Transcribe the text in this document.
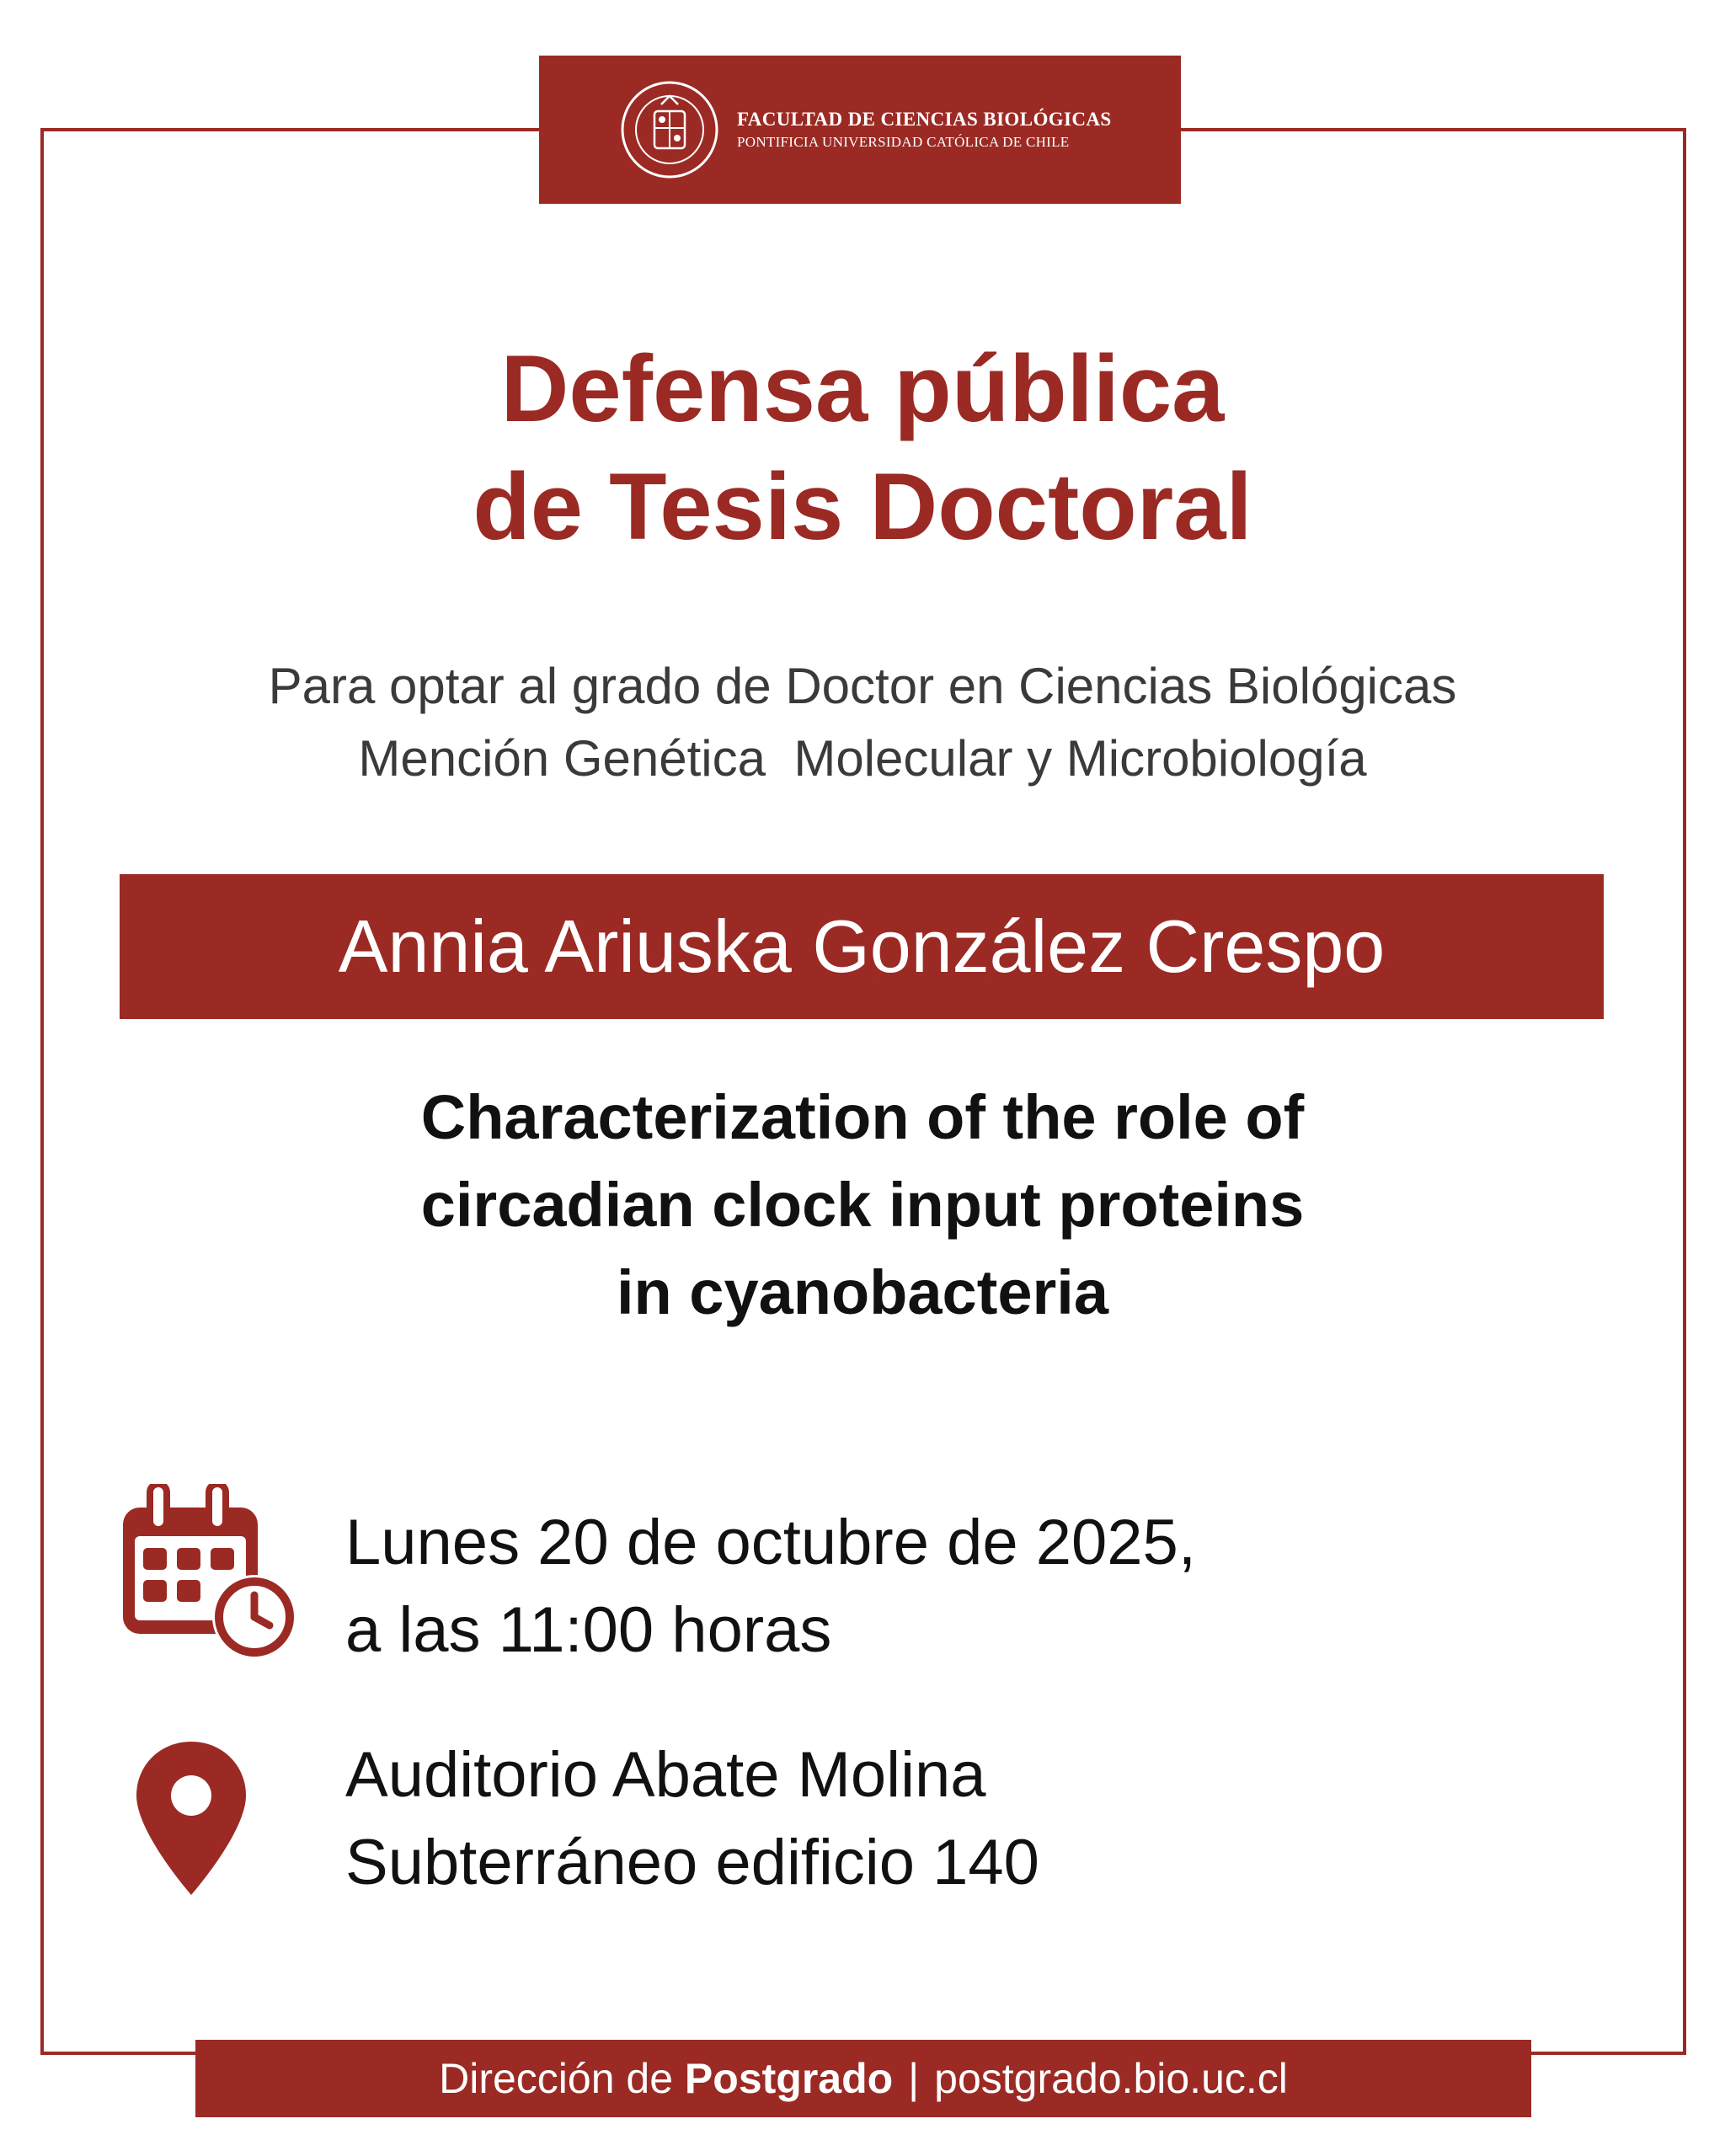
FACULTAD DE CIENCIAS BIOLÓGICAS
PONTIFICIA UNIVERSIDAD CATÓLICA DE CHILE
Defensa pública
de Tesis Doctoral
Para optar al grado de Doctor en Ciencias Biológicas
Mención Genética  Molecular y Microbiología
Annia Ariuska González Crespo
Characterization of the role of
circadian clock input proteins
in cyanobacteria
Lunes 20 de octubre de 2025,
a las 11:00 horas
Auditorio Abate Molina
Subterráneo edificio 140
Dirección de Postgrado | postgrado.bio.uc.cl
